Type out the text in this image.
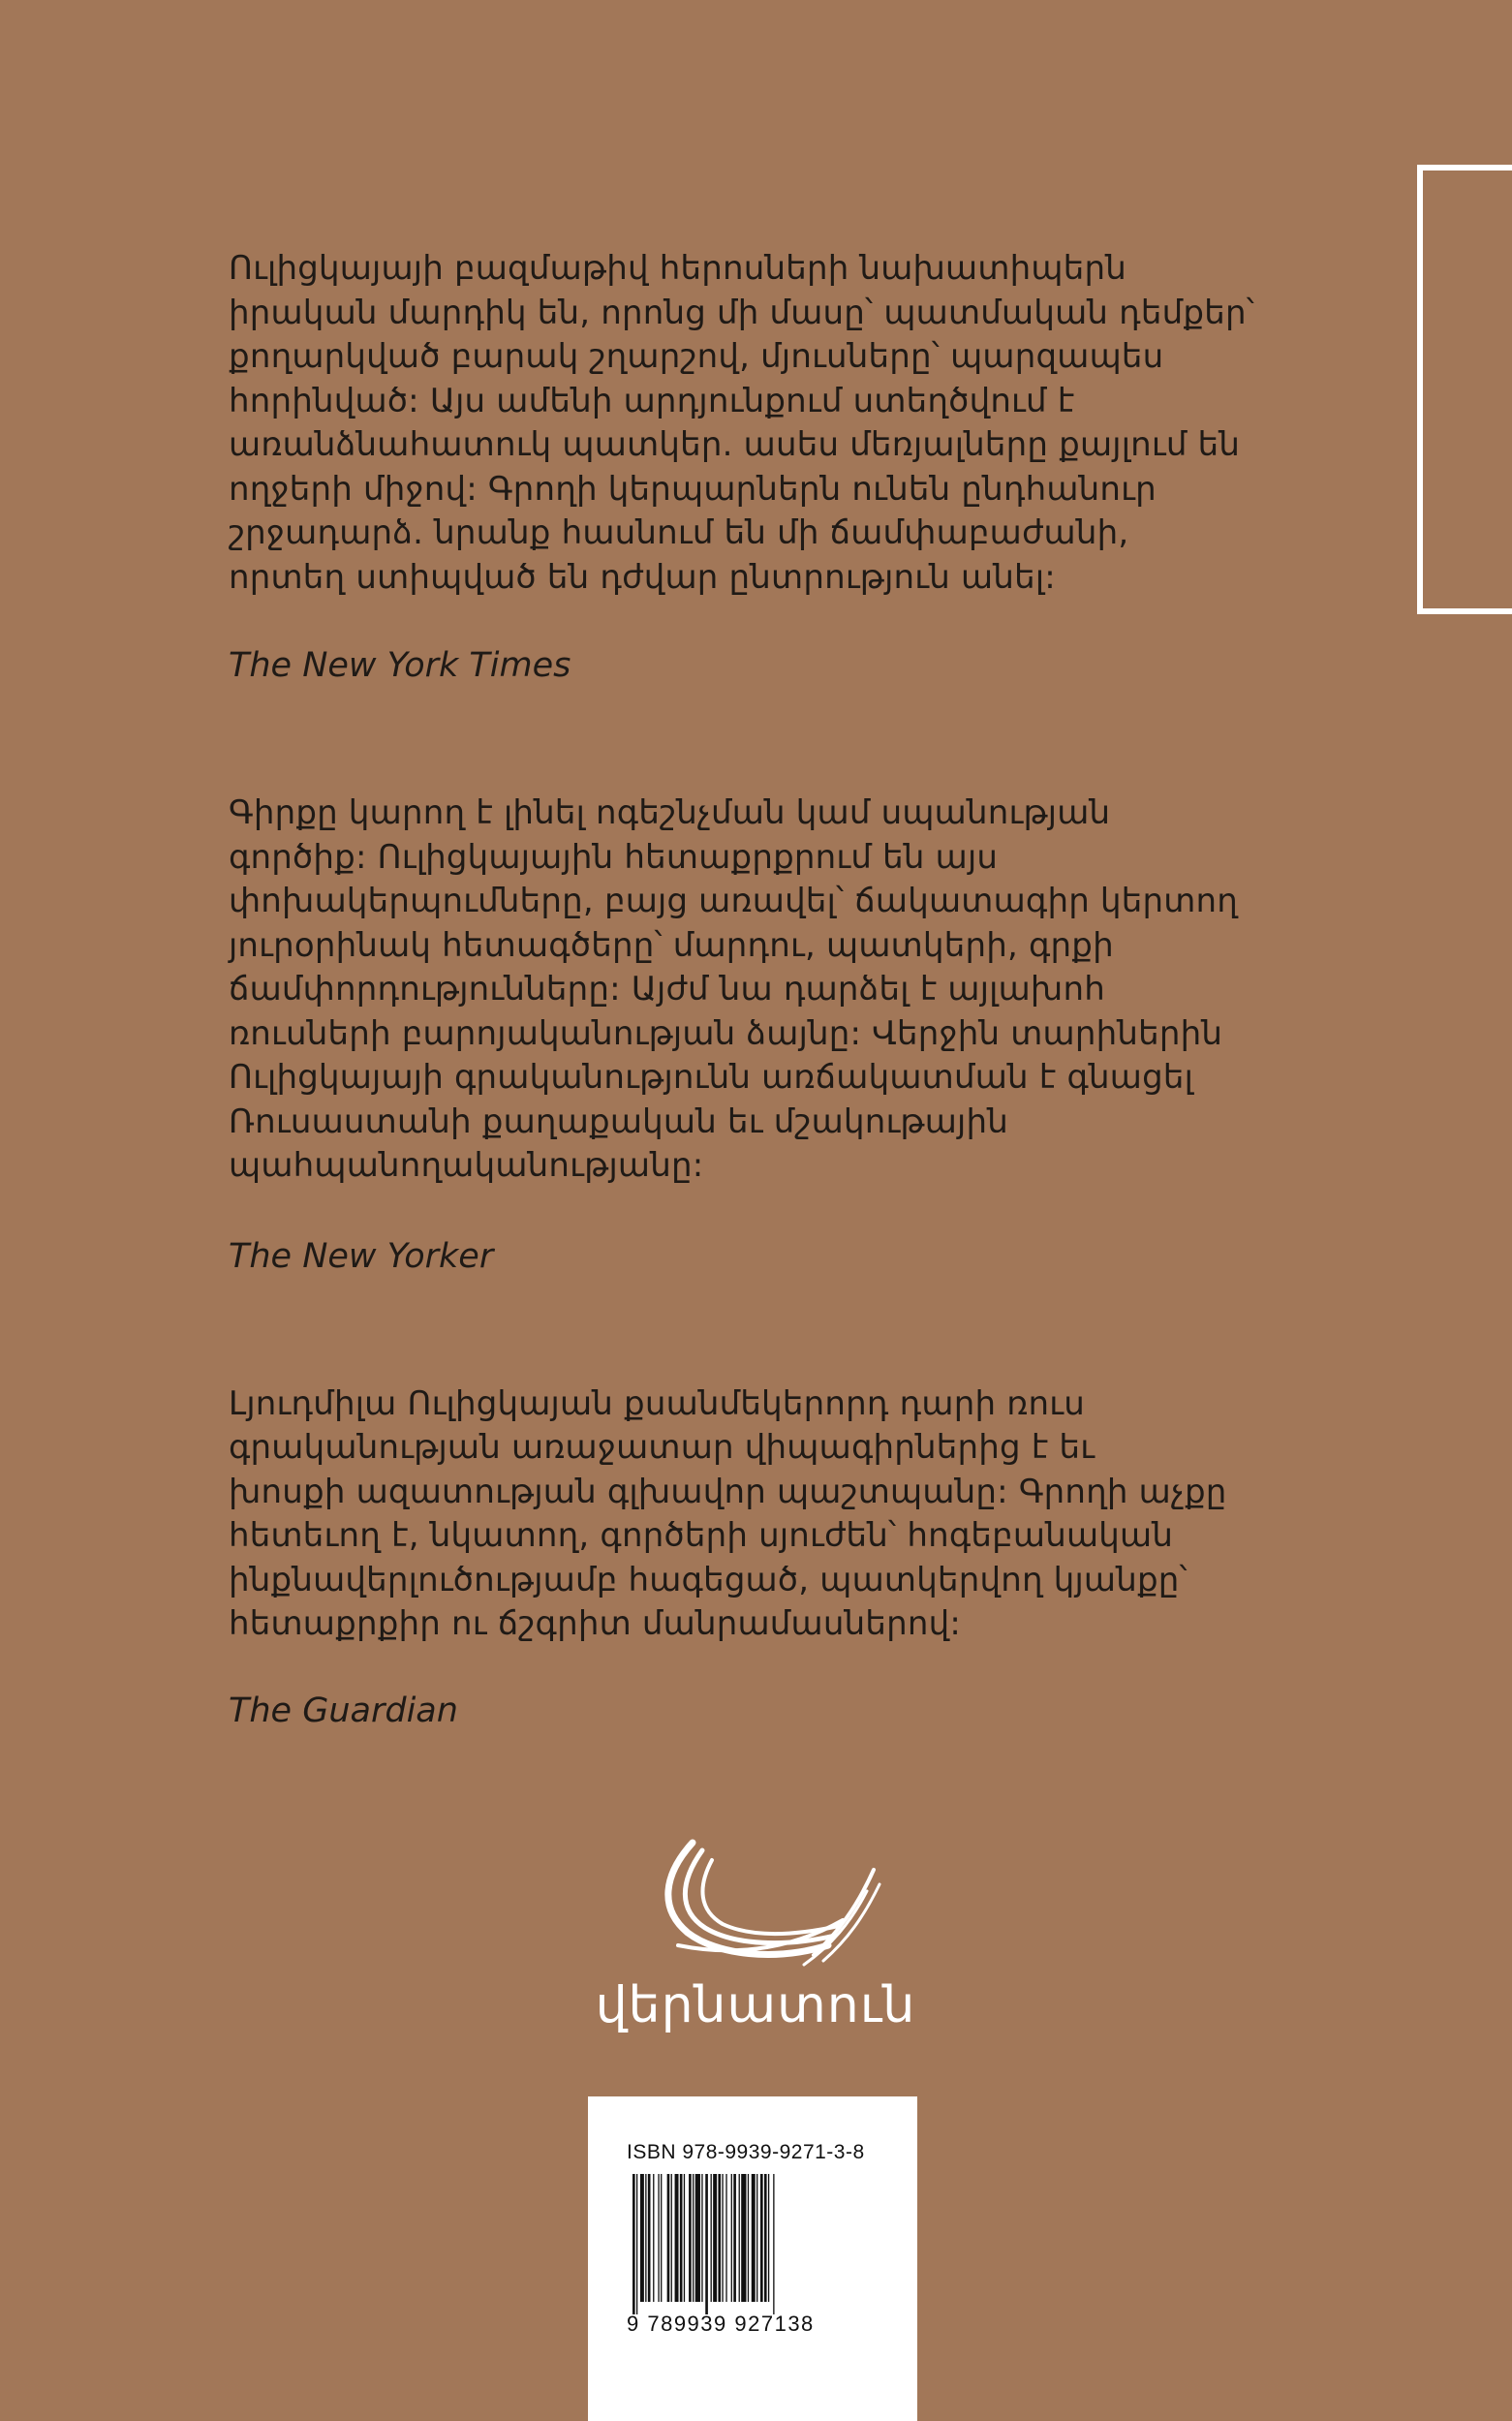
Ուլիցկայայի բազմաթիվ հերոսների նախատիպերն
իրական մարդիկ են, որոնց մի մասը՝ պատմական դեմքեր՝
քողարկված բարակ շղարշով, մյուսները՝ պարզապես
հորինված: Այս ամենի արդյունքում ստեղծվում է
առանձնահատուկ պատկեր. ասես մեռյալները քայլում են
ողջերի միջով: Գրողի կերպարներն ունեն ընդհանուր
շրջադարձ. նրանք հասնում են մի ճամփաբաժանի,
որտեղ ստիպված են դժվար ընտրություն անել:

The New York Times

Գիրքը կարող է լինել ոգեշնչման կամ սպանության
գործիք: Ուլիցկայային հետաքրքրում են այս
փոխակերպումները, բայց առավել՝ ճակատագիր կերտող
յուրօրինակ հետագծերը՝ մարդու, պատկերի, գրքի
ճամփորդությունները: Այժմ նա դարձել է այլախոհ
ռուսների բարոյականության ձայնը: Վերջին տարիներին
Ուլիցկայայի գրականությունն առճակատման է գնացել
Ռուսաստանի քաղաքական եւ մշակութային
պահպանողականությանը:

The New Yorker

Լյուդմիլա Ուլիցկայան քսանմեկերորդ դարի ռուս
գրականության առաջատար վիպագիրներից է եւ
խոսքի ազատության գլխավոր պաշտպանը: Գրողի աչքը
հետեւող է, նկատող, գործերի սյուժեն՝ հոգեբանական
ինքնավերլուծությամբ հագեցած, պատկերվող կյանքը՝
հետաքրքիր ու ճշգրիտ մանրամասներով:

The Guardian

վերնատուն
ISBN 978-9939-9271-3-8
9 789939 927138
